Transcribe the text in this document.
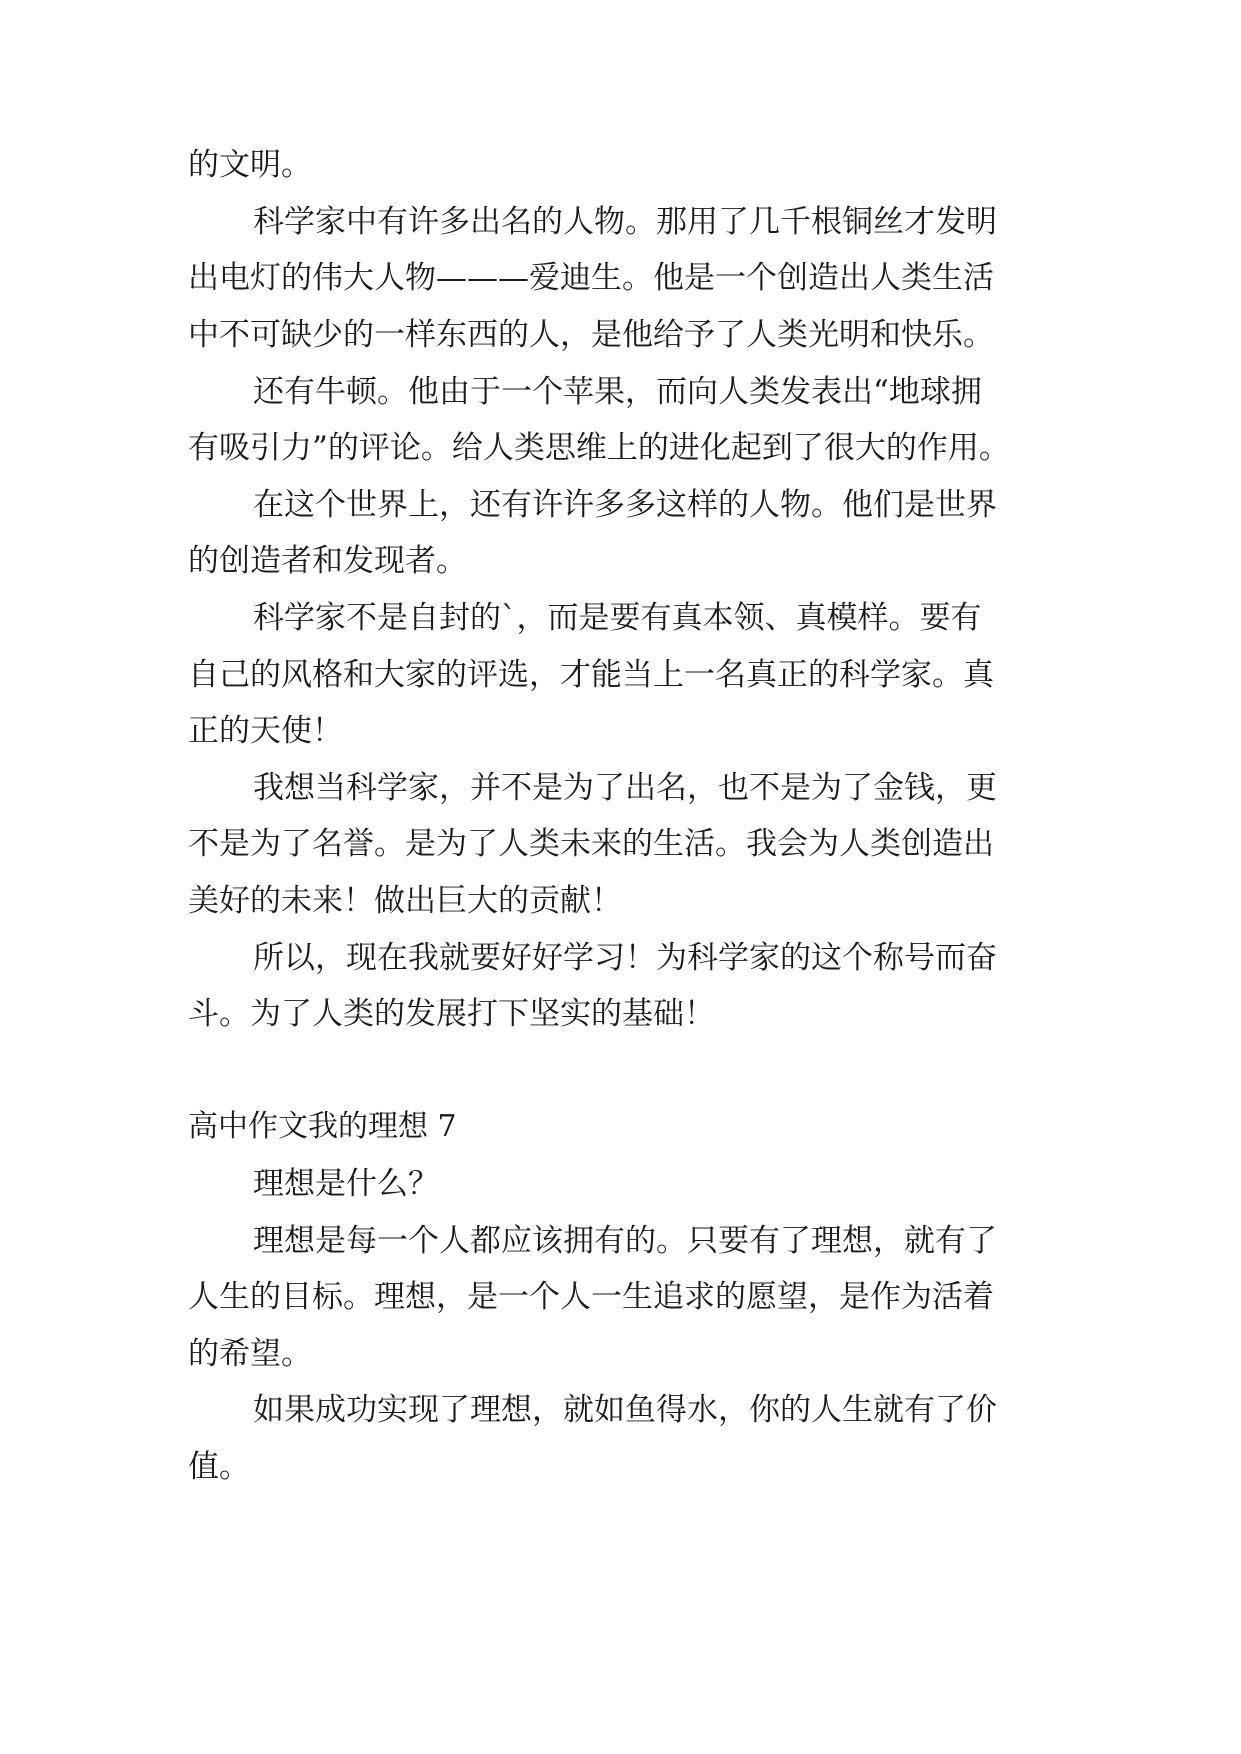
的文明。
科学家中有许多出名的人物。那用了几千根铜丝才发明
出电灯的伟大人物———爱迪生。他是一个创造出人类生活
中不可缺少的一样东西的人，是他给予了人类光明和快乐。
还有牛顿。他由于一个苹果，而向人类发表出“地球拥
有吸引力”的评论。给人类思维上的进化起到了很大的作用。
在这个世界上，还有许许多多这样的人物。他们是世界
的创造者和发现者。
科学家不是自封的`，而是要有真本领、真模样。要有
自己的风格和大家的评选，才能当上一名真正的科学家。真
正的天使！
我想当科学家，并不是为了出名，也不是为了金钱，更
不是为了名誉。是为了人类未来的生活。我会为人类创造出
美好的未来！做出巨大的贡献！
所以，现在我就要好好学习！为科学家的这个称号而奋
斗。为了人类的发展打下坚实的基础！
高中作文我的理想 7
理想是什么？
理想是每一个人都应该拥有的。只要有了理想，就有了
人生的目标。理想，是一个人一生追求的愿望，是作为活着
的希望。
如果成功实现了理想，就如鱼得水，你的人生就有了价
值。
